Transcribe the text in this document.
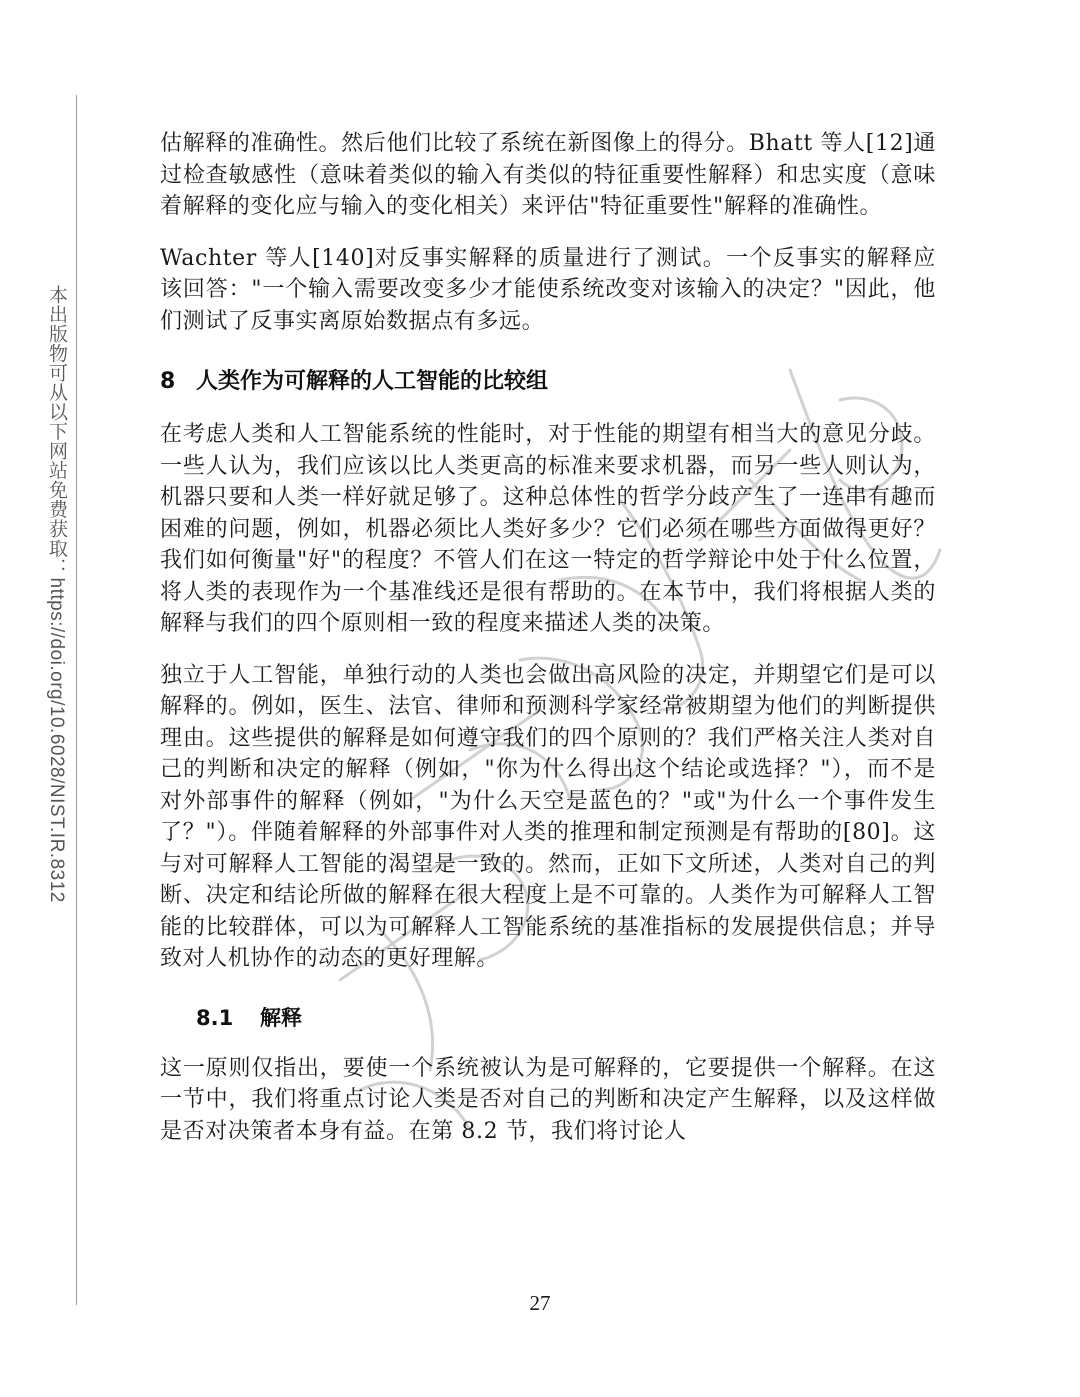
本出版物可从以下网站免费获取：https://doi.org/10.6028/NIST.IR.8312

估解释的准确性。然后他们比较了系统在新图像上的得分。Bhatt 等人[12]通过检查敏感性（意味着类似的输入有类似的特征重要性解释）和忠实度（意味着解释的变化应与输入的变化相关）来评估"特征重要性"解释的准确性。

Wachter 等人[140]对反事实解释的质量进行了测试。一个反事实的解释应该回答："一个输入需要改变多少才能使系统改变对该输入的决定？"因此，他们测试了反事实离原始数据点有多远。

8 人类作为可解释的人工智能的比较组

在考虑人类和人工智能系统的性能时，对于性能的期望有相当大的意见分歧。一些人认为，我们应该以比人类更高的标准来要求机器，而另一些人则认为，机器只要和人类一样好就足够了。这种总体性的哲学分歧产生了一连串有趣而困难的问题，例如，机器必须比人类好多少？它们必须在哪些方面做得更好？我们如何衡量"好"的程度？不管人们在这一特定的哲学辩论中处于什么位置，将人类的表现作为一个基准线还是很有帮助的。在本节中，我们将根据人类的解释与我们的四个原则相一致的程度来描述人类的决策。

独立于人工智能，单独行动的人类也会做出高风险的决定，并期望它们是可以解释的。例如，医生、法官、律师和预测科学家经常被期望为他们的判断提供理由。这些提供的解释是如何遵守我们的四个原则的？我们严格关注人类对自己的判断和决定的解释（例如，"你为什么得出这个结论或选择？"），而不是对外部事件的解释（例如，"为什么天空是蓝色的？"或"为什么一个事件发生了？"）。伴随着解释的外部事件对人类的推理和制定预测是有帮助的[80]。这与对可解释人工智能的渴望是一致的。然而，正如下文所述，人类对自己的判断、决定和结论所做的解释在很大程度上是不可靠的。人类作为可解释人工智能的比较群体，可以为可解释人工智能系统的基准指标的发展提供信息；并导致对人机协作的动态的更好理解。

8.1 解释

这一原则仅指出，要使一个系统被认为是可解释的，它要提供一个解释。在这一节中，我们将重点讨论人类是否对自己的判断和决定产生解释，以及这样做是否对决策者本身有益。在第 8.2 节，我们将讨论人

27
